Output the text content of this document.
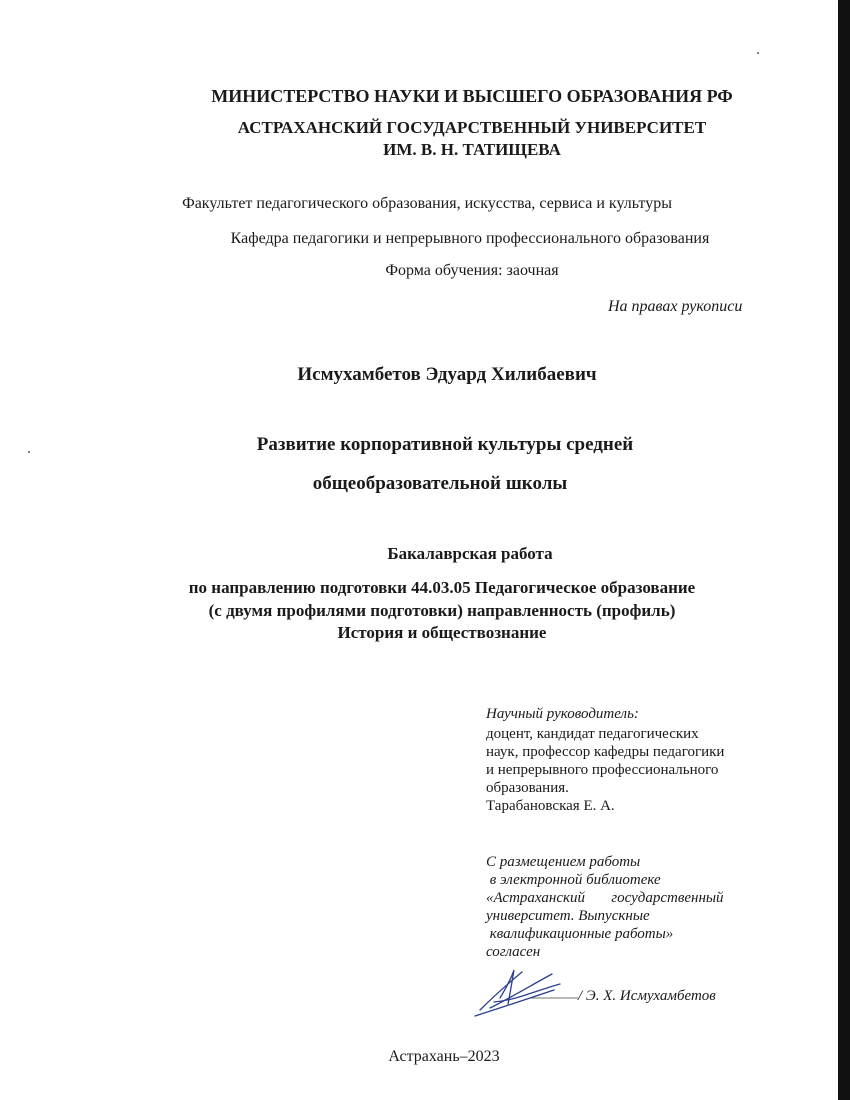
МИНИСТЕРСТВО НАУКИ И ВЫСШЕГО ОБРАЗОВАНИЯ РФ
АСТРАХАНСКИЙ ГОСУДАРСТВЕННЫЙ УНИВЕРСИТЕТ
ИМ. В. Н. ТАТИЩЕВА
Факультет педагогического образования, искусства, сервиса и культуры
Кафедра педагогики и непрерывного профессионального образования
Форма обучения: заочная
На правах рукописи
Исмухамбетов Эдуард Хилибаевич
Развитие корпоративной культуры средней
общеобразовательной школы
Бакалаврская работа
по направлению подготовки 44.03.05 Педагогическое образование
(с двумя профилями подготовки) направленность (профиль)
История и обществознание
Научный руководитель:
доцент, кандидат педагогических
наук, профессор кафедры педагогики
и непрерывного профессионального
образования.
Тарабановская Е. А.
С размещением работы
в электронной библиотеке
«Астраханский       государственный
университет. Выпускные
квалификационные работы»
согласен
/ Э. Х. Исмухамбетов
Астрахань–2023
